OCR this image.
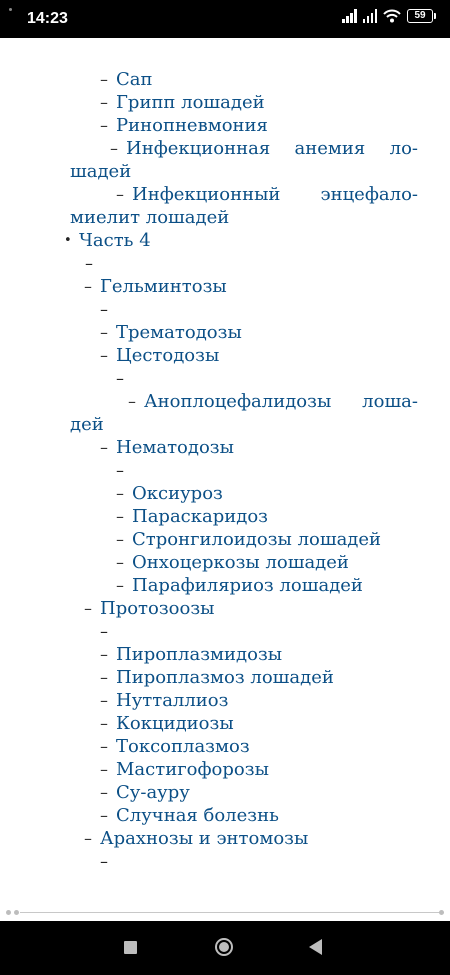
14:23	59
– Сап
– Грипп лошадей
– Ринопневмония
– Инфекционная анемия ло-
шадей
– Инфекционный энцефало-
миелит лошадей
• Часть 4
–
– Гельминтозы
–
– Трематодозы
– Цестодозы
–
– Аноплоцефалидозы лоша-
дей
– Нематодозы
–
– Оксиуроз
– Параскаридоз
– Стронгилоидозы лошадей
– Онхоцеркозы лошадей
– Парафиляриоз лошадей
– Протозоозы
–
– Пироплазмидозы
– Пироплазмоз лошадей
– Нутталлиоз
– Кокцидиозы
– Токсоплазмоз
– Мастигофорозы
– Су-ауру
– Случная болезнь
– Арахнозы и энтомозы
–
